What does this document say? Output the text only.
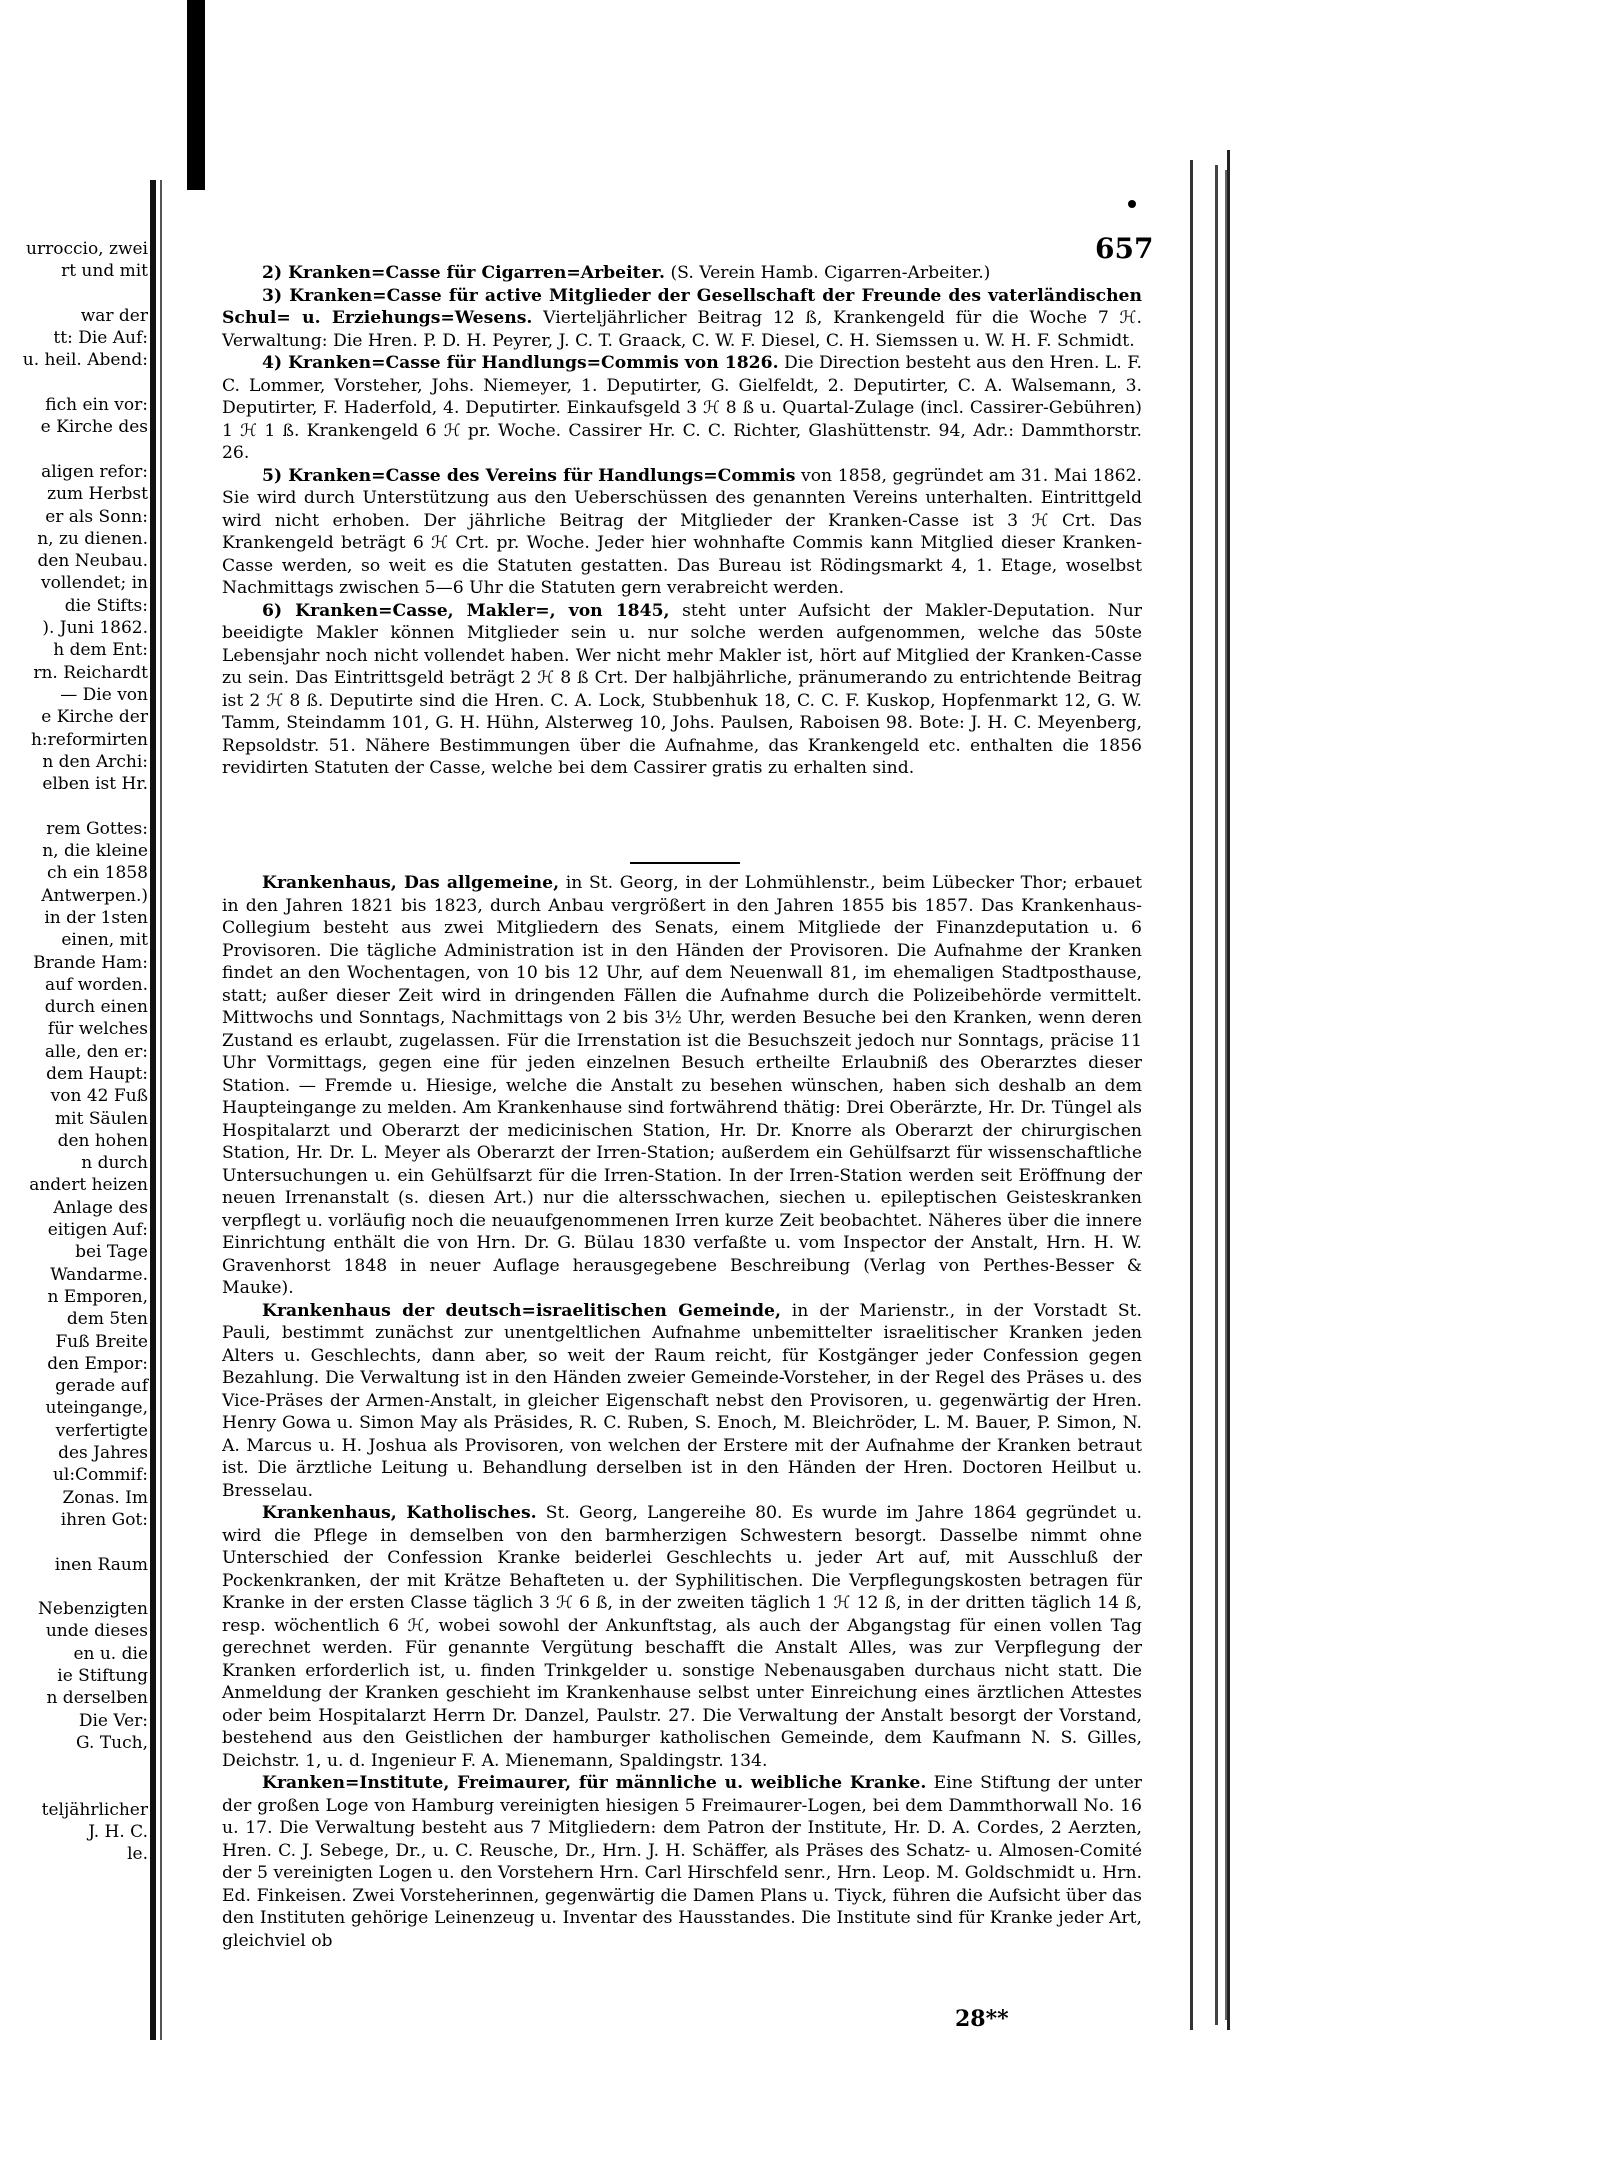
urroccio, zwei
rt und mit
war der
tt: Die Auf:
u. heil. Abend:
fich ein vor:
e Kirche des
aligen refor:
zum Herbst
er als Sonn:
n, zu dienen.
den Neubau.
vollendet; in
die Stifts:
). Juni 1862.
h dem Ent:
rn. Reichardt
— Die von
e Kirche der
h:reformirten
n den Archi:
elben ist Hr.
rem Gottes:
n, die kleine
ch ein 1858
Antwerpen.)
in der 1sten
einen, mit
Brande Ham:
auf worden.
durch einen
für welches
alle, den er:
dem Haupt:
von 42 Fuß
mit Säulen
den hohen
n durch
andert heizen
Anlage des
eitigen Auf:
bei Tage
Wandarme.
n Emporen,
dem 5ten
Fuß Breite
den Empor:
gerade auf
uteingange,
verfertigte
des Jahres
ul:Commif:
Zonas. Im
ihren Got:
inen Raum
Nebenzigten
unde dieses
en u. die
ie Stiftung
n derselben
Die Ver:
G. Tuch,
teljährlicher
J. H. C.
le.
657

2) Kranken=Casse für Cigarren=Arbeiter. (S. Verein Hamb. Cigarren-Arbeiter.)

3) Kranken=Casse für active Mitglieder der Gesellschaft der Freunde des vaterländischen Schul= u. Erziehungs=Wesens. Vierteljährlicher Beitrag 12 ß, Krankengeld für die Woche 7 ℋ. Verwaltung: Die Hren. P. D. H. Peyrer, J. C. T. Graack, C. W. F. Diesel, C. H. Siemssen u. W. H. F. Schmidt.

4) Kranken=Casse für Handlungs=Commis von 1826. Die Direction besteht aus den Hren. L. F. C. Lommer, Vorsteher, Johs. Niemeyer, 1. Deputirter, G. Gielfeldt, 2. Deputirter, C. A. Walsemann, 3. Deputirter, F. Haderfold, 4. Deputirter. Einkaufsgeld 3 ℋ 8 ß u. Quartal-Zulage (incl. Cassirer-Gebühren) 1 ℋ 1 ß. Krankengeld 6 ℋ pr. Woche. Cassirer Hr. C. C. Richter, Glashüttenstr. 94, Adr.: Dammthorstr. 26.

5) Kranken=Casse des Vereins für Handlungs=Commis von 1858, gegründet am 31. Mai 1862. Sie wird durch Unterstützung aus den Ueberschüssen des genannten Vereins unterhalten. Eintrittgeld wird nicht erhoben. Der jährliche Beitrag der Mitglieder der Kranken-Casse ist 3 ℋ Crt. Das Krankengeld beträgt 6 ℋ Crt. pr. Woche. Jeder hier wohnhafte Commis kann Mitglied dieser Kranken-Casse werden, so weit es die Statuten gestatten. Das Bureau ist Rödingsmarkt 4, 1. Etage, woselbst Nachmittags zwischen 5—6 Uhr die Statuten gern verabreicht werden.

6) Kranken=Casse, Makler=, von 1845, steht unter Aufsicht der Makler-Deputation. Nur beeidigte Makler können Mitglieder sein u. nur solche werden aufgenommen, welche das 50ste Lebensjahr noch nicht vollendet haben. Wer nicht mehr Makler ist, hört auf Mitglied der Kranken-Casse zu sein. Das Eintrittsgeld beträgt 2 ℋ 8 ß Crt. Der halbjährliche, pränumerando zu entrichtende Beitrag ist 2 ℋ 8 ß. Deputirte sind die Hren. C. A. Lock, Stubbenhuk 18, C. C. F. Kuskop, Hopfenmarkt 12, G. W. Tamm, Steindamm 101, G. H. Hühn, Alsterweg 10, Johs. Paulsen, Raboisen 98. Bote: J. H. C. Meyenberg, Repsoldstr. 51. Nähere Bestimmungen über die Aufnahme, das Krankengeld etc. enthalten die 1856 revidirten Statuten der Casse, welche bei dem Cassirer gratis zu erhalten sind.

Krankenhaus, Das allgemeine, in St. Georg, in der Lohmühlenstr., beim Lübecker Thor; erbauet in den Jahren 1821 bis 1823, durch Anbau vergrößert in den Jahren 1855 bis 1857. Das Krankenhaus-Collegium besteht aus zwei Mitgliedern des Senats, einem Mitgliede der Finanzdeputation u. 6 Provisoren. Die tägliche Administration ist in den Händen der Provisoren. Die Aufnahme der Kranken findet an den Wochentagen, von 10 bis 12 Uhr, auf dem Neuenwall 81, im ehemaligen Stadtposthause, statt; außer dieser Zeit wird in dringenden Fällen die Aufnahme durch die Polizeibehörde vermittelt. Mittwochs und Sonntags, Nachmittags von 2 bis 3½ Uhr, werden Besuche bei den Kranken, wenn deren Zustand es erlaubt, zugelassen. Für die Irrenstation ist die Besuchszeit jedoch nur Sonntags, präcise 11 Uhr Vormittags, gegen eine für jeden einzelnen Besuch ertheilte Erlaubniß des Oberarztes dieser Station. — Fremde u. Hiesige, welche die Anstalt zu besehen wünschen, haben sich deshalb an dem Haupteingange zu melden. Am Krankenhause sind fortwährend thätig: Drei Oberärzte, Hr. Dr. Tüngel als Hospitalarzt und Oberarzt der medicinischen Station, Hr. Dr. Knorre als Oberarzt der chirurgischen Station, Hr. Dr. L. Meyer als Oberarzt der Irren-Station; außerdem ein Gehülfsarzt für wissenschaftliche Untersuchungen u. ein Gehülfsarzt für die Irren-Station. In der Irren-Station werden seit Eröffnung der neuen Irrenanstalt (s. diesen Art.) nur die altersschwachen, siechen u. epileptischen Geisteskranken verpflegt u. vorläufig noch die neuaufgenommenen Irren kurze Zeit beobachtet. Näheres über die innere Einrichtung enthält die von Hrn. Dr. G. Bülau 1830 verfaßte u. vom Inspector der Anstalt, Hrn. H. W. Gravenhorst 1848 in neuer Auflage herausgegebene Beschreibung (Verlag von Perthes-Besser & Mauke).

Krankenhaus der deutsch=israelitischen Gemeinde, in der Marienstr., in der Vorstadt St. Pauli, bestimmt zunächst zur unentgeltlichen Aufnahme unbemittelter israelitischer Kranken jeden Alters u. Geschlechts, dann aber, so weit der Raum reicht, für Kostgänger jeder Confession gegen Bezahlung. Die Verwaltung ist in den Händen zweier Gemeinde-Vorsteher, in der Regel des Präses u. des Vice-Präses der Armen-Anstalt, in gleicher Eigenschaft nebst den Provisoren, u. gegenwärtig der Hren. Henry Gowa u. Simon May als Präsides, R. C. Ruben, S. Enoch, M. Bleichröder, L. M. Bauer, P. Simon, N. A. Marcus u. H. Joshua als Provisoren, von welchen der Erstere mit der Aufnahme der Kranken betraut ist. Die ärztliche Leitung u. Behandlung derselben ist in den Händen der Hren. Doctoren Heilbut u. Bresselau.

Krankenhaus, Katholisches. St. Georg, Langereihe 80. Es wurde im Jahre 1864 gegründet u. wird die Pflege in demselben von den barmherzigen Schwestern besorgt. Dasselbe nimmt ohne Unterschied der Confession Kranke beiderlei Geschlechts u. jeder Art auf, mit Ausschluß der Pockenkranken, der mit Krätze Behafteten u. der Syphilitischen. Die Verpflegungskosten betragen für Kranke in der ersten Classe täglich 3 ℋ 6 ß, in der zweiten täglich 1 ℋ 12 ß, in der dritten täglich 14 ß, resp. wöchentlich 6 ℋ, wobei sowohl der Ankunftstag, als auch der Abgangstag für einen vollen Tag gerechnet werden. Für genannte Vergütung beschafft die Anstalt Alles, was zur Verpflegung der Kranken erforderlich ist, u. finden Trinkgelder u. sonstige Nebenausgaben durchaus nicht statt. Die Anmeldung der Kranken geschieht im Krankenhause selbst unter Einreichung eines ärztlichen Attestes oder beim Hospitalarzt Herrn Dr. Danzel, Paulstr. 27. Die Verwaltung der Anstalt besorgt der Vorstand, bestehend aus den Geistlichen der hamburger katholischen Gemeinde, dem Kaufmann N. S. Gilles, Deichstr. 1, u. d. Ingenieur F. A. Mienemann, Spaldingstr. 134.

Kranken=Institute, Freimaurer, für männliche u. weibliche Kranke. Eine Stiftung der unter der großen Loge von Hamburg vereinigten hiesigen 5 Freimaurer-Logen, bei dem Dammthorwall No. 16 u. 17. Die Verwaltung besteht aus 7 Mitgliedern: dem Patron der Institute, Hr. D. A. Cordes, 2 Aerzten, Hren. C. J. Sebege, Dr., u. C. Reusche, Dr., Hrn. J. H. Schäffer, als Präses des Schatz- u. Almosen-Comité der 5 vereinigten Logen u. den Vorstehern Hrn. Carl Hirschfeld senr., Hrn. Leop. M. Goldschmidt u. Hrn. Ed. Finkeisen. Zwei Vorsteherinnen, gegenwärtig die Damen Plans u. Tiyck, führen die Aufsicht über das den Instituten gehörige Leinenzeug u. Inventar des Hausstandes. Die Institute sind für Kranke jeder Art, gleichviel ob

28**
